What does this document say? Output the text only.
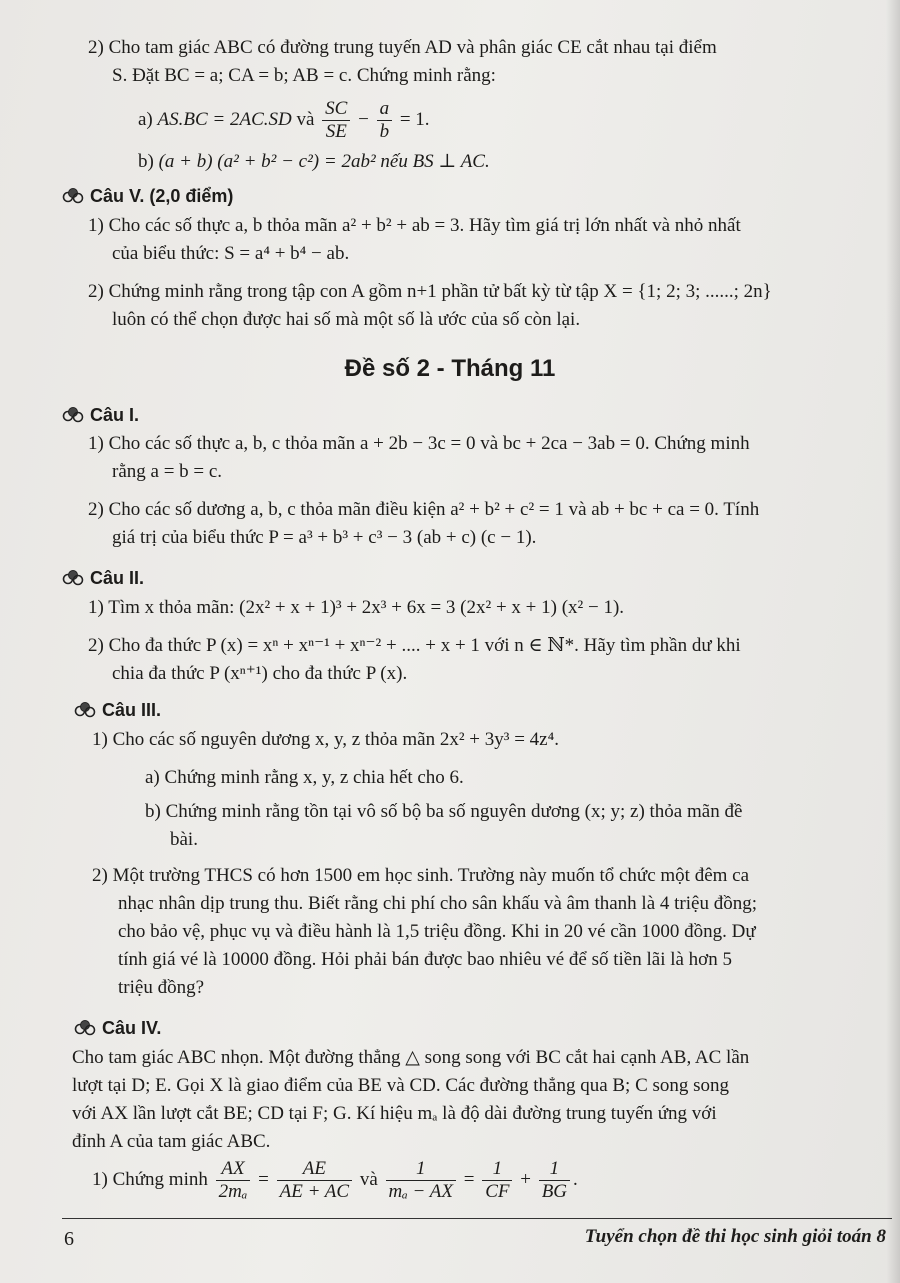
2) Cho tam giác ABC có đường trung tuyến AD và phân giác CE cắt nhau tại điểm
S. Đặt BC = a; CA = b; AB = c. Chứng minh rằng:
a) AS.BC = 2AC.SD và $\frac{SC}{SE} - \frac{a}{b} = 1$.
b) (a + b) (a² + b² − c²) = 2ab² nếu BS ⊥ AC.
Câu V. (2,0 điểm)
1) Cho các số thực a, b thỏa mãn a² + b² + ab = 3. Hãy tìm giá trị lớn nhất và nhỏ nhất
của biểu thức: S = a⁴ + b⁴ − ab.
2) Chứng minh rằng trong tập con A gồm n+1 phần tử bất kỳ từ tập X = {1; 2; 3; ......; 2n}
luôn có thể chọn được hai số mà một số là ước của số còn lại.
Đề số 2 - Tháng 11
Câu I.
1) Cho các số thực a, b, c thỏa mãn a + 2b − 3c = 0 và bc + 2ca − 3ab = 0. Chứng minh
rằng a = b = c.
2) Cho các số dương a, b, c thỏa mãn điều kiện a² + b² + c² = 1 và ab + bc + ca = 0. Tính
giá trị của biểu thức P = a³ + b³ + c³ − 3 (ab + c) (c − 1).
Câu II.
1) Tìm x thỏa mãn: (2x² + x + 1)³ + 2x³ + 6x = 3 (2x² + x + 1) (x² − 1).
2) Cho đa thức P (x) = xⁿ + xⁿ⁻¹ + xⁿ⁻² + .... + x + 1 với n ∈ ℕ*. Hãy tìm phần dư khi
chia đa thức P (xⁿ⁺¹) cho đa thức P (x).
Câu III.
1) Cho các số nguyên dương x, y, z thỏa mãn 2x² + 3y³ = 4z⁴.
a) Chứng minh rằng x, y, z chia hết cho 6.
b) Chứng minh rằng tồn tại vô số bộ ba số nguyên dương (x; y; z) thỏa mãn đề
bài.
2) Một trường THCS có hơn 1500 em học sinh. Trường này muốn tổ chức một đêm ca
nhạc nhân dịp trung thu. Biết rằng chi phí cho sân khấu và âm thanh là 4 triệu đồng;
cho bảo vệ, phục vụ và điều hành là 1,5 triệu đồng. Khi in 20 vé cần 1000 đồng. Dự
tính giá vé là 10000 đồng. Hỏi phải bán được bao nhiêu vé để số tiền lãi là hơn 5
triệu đồng?
Câu IV.
Cho tam giác ABC nhọn. Một đường thẳng △ song song với BC cắt hai cạnh AB, AC lần
lượt tại D; E. Gọi X là giao điểm của BE và CD. Các đường thẳng qua B; C song song
với AX lần lượt cắt BE; CD tại F; G. Kí hiệu mₐ là độ dài đường trung tuyến ứng với
đỉnh A của tam giác ABC.
1) Chứng minh $\frac{AX}{\text{2mₐ}} = \frac{AE}{AE + AC}$ và $\frac{1}{\text{mₐ − AX}} = \frac{1}{CF} + \frac{1}{BG}$ .
6	Tuyển chọn đề thi học sinh giỏi toán 8
